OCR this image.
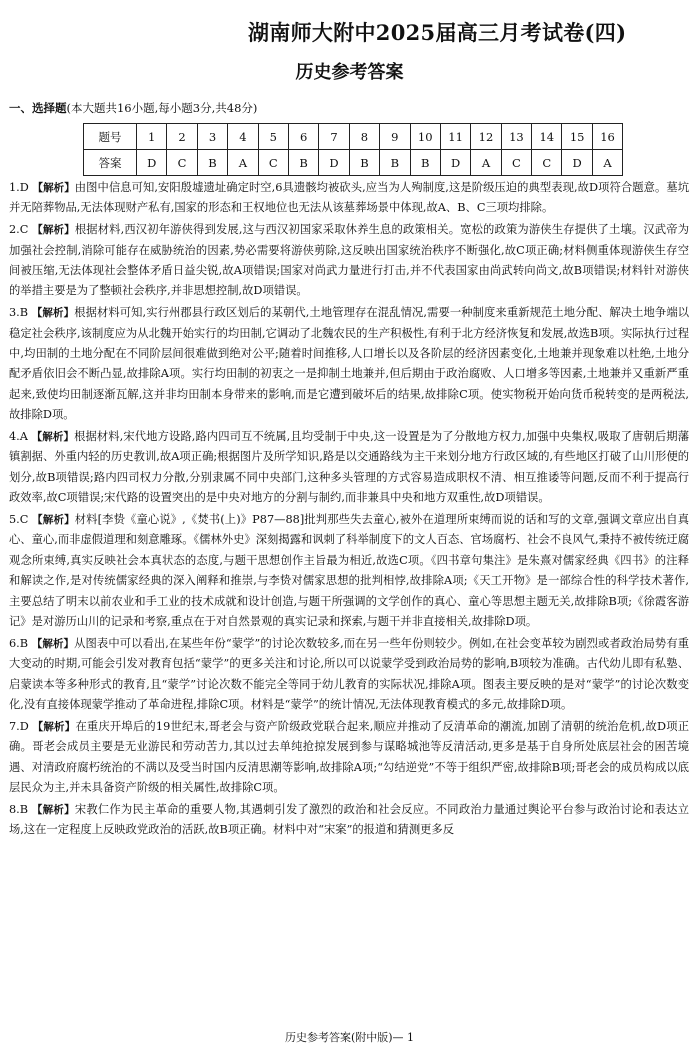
湖南师大附中2025届高三月考试卷(四)
历史参考答案
一、选择题(本大题共16小题,每小题3分,共48分)
题号	1	2	3	4	5	6	7	8	9	10	11	12	13	14	15	16
答案	D	C	B	A	C	B	D	B	B	B	D	A	C	C	D	A

1.D 【解析】由图中信息可知,安阳殷墟遗址确定时空,6具遗骸均被砍头,应当为人殉制度,这是阶级压迫的典型表现,故D项符合题意。墓坑并无陪葬物品,无法体现财产私有,国家的形态和王权地位也无法从该墓葬场景中体现,故A、B、C三项均排除。

2.C 【解析】根据材料,西汉初年游侠得到发展,这与西汉初国家采取休养生息的政策相关。宽松的政策为游侠生存提供了土壤。汉武帝为加强社会控制,消除可能存在威胁统治的因素,势必需要将游侠剪除,这反映出国家统治秩序不断强化,故C项正确;材料侧重体现游侠生存空间被压缩,无法体现社会整体矛盾日益尖锐,故A项错误;国家对尚武力量进行打击,并不代表国家由尚武转向尚文,故B项错误;材料针对游侠的举措主要是为了整顿社会秩序,并非思想控制,故D项错误。

3.B 【解析】根据材料可知,实行州郡县行政区划后的某朝代,土地管理存在混乱情况,需要一种制度来重新规范土地分配、解决土地争端以稳定社会秩序,该制度应为从北魏开始实行的均田制,它调动了北魏农民的生产积极性,有利于北方经济恢复和发展,故选B项。实际执行过程中,均田制的土地分配在不同阶层间很难做到绝对公平;随着时间推移,人口增长以及各阶层的经济因素变化,土地兼并现象难以杜绝,土地分配矛盾依旧会不断凸显,故排除A项。实行均田制的初衷之一是抑制土地兼并,但后期由于政治腐败、人口增多等因素,土地兼并又重新严重起来,致使均田制逐渐瓦解,这并非均田制本身带来的影响,而是它遭到破坏后的结果,故排除C项。使实物税开始向货币税转变的是两税法,故排除D项。

4.A 【解析】根据材料,宋代地方设路,路内四司互不统属,且均受制于中央,这一设置是为了分散地方权力,加强中央集权,吸取了唐朝后期藩镇割据、外重内轻的历史教训,故A项正确;根据图片及所学知识,路是以交通路线为主干来划分地方行政区域的,有些地区打破了山川形便的划分,故B项错误;路内四司权力分散,分别隶属不同中央部门,这种多头管理的方式容易造成职权不清、相互推诿等问题,反而不利于提高行政效率,故C项错误;宋代路的设置突出的是中央对地方的分割与制约,而非兼具中央和地方双重性,故D项错误。

5.C 【解析】材料[李贽《童心说》,《焚书(上)》P87—88]批判那些失去童心,被外在道理所束缚而说的话和写的文章,强调文章应出自真心、童心,而非虚假道理和刻意雕琢。《儒林外史》深刻揭露和讽刺了科举制度下的文人百态、官场腐朽、社会不良风气,秉持不被传统迂腐观念所束缚,真实反映社会本真状态的态度,与题干思想创作主旨最为相近,故选C项。《四书章句集注》是朱熹对儒家经典《四书》的注释和解读之作,是对传统儒家经典的深入阐释和推崇,与李贽对儒家思想的批判相悖,故排除A项;《天工开物》是一部综合性的科学技术著作,主要总结了明末以前农业和手工业的技术成就和设计创造,与题干所强调的文学创作的真心、童心等思想主题无关,故排除B项;《徐霞客游记》是对游历山川的记录和考察,重点在于对自然景观的真实记录和探索,与题干并非直接相关,故排除D项。

6.B 【解析】从图表中可以看出,在某些年份“蒙学”的讨论次数较多,而在另一些年份则较少。例如,在社会变革较为剧烈或者政治局势有重大变动的时期,可能会引发对教育包括“蒙学”的更多关注和讨论,所以可以说蒙学受到政治局势的影响,B项较为准确。古代幼儿即有私塾、启蒙读本等多种形式的教育,且“蒙学”讨论次数不能完全等同于幼儿教育的实际状况,排除A项。图表主要反映的是对“蒙学”的讨论次数变化,没有直接体现蒙学推动了革命进程,排除C项。材料是“蒙学”的统计情况,无法体现教育模式的多元,故排除D项。

7.D 【解析】在重庆开埠后的19世纪末,哥老会与资产阶级政党联合起来,顺应并推动了反清革命的潮流,加剧了清朝的统治危机,故D项正确。哥老会成员主要是无业游民和劳动苦力,其以过去单纯抢掠发展到参与谋略城池等反清活动,更多是基于自身所处底层社会的困苦境遇、对清政府腐朽统治的不满以及受当时国内反清思潮等影响,故排除A项;“勾结逆党”不等于组织严密,故排除B项;哥老会的成员构成以底层民众为主,并未具备资产阶级的相关属性,故排除C项。

8.B 【解析】宋教仁作为民主革命的重要人物,其遇刺引发了激烈的政治和社会反应。不同政治力量通过舆论平台参与政治讨论和表达立场,这在一定程度上反映政党政治的活跃,故B项正确。材料中对“宋案”的报道和猜测更多反

历史参考答案(附中版)— 1
